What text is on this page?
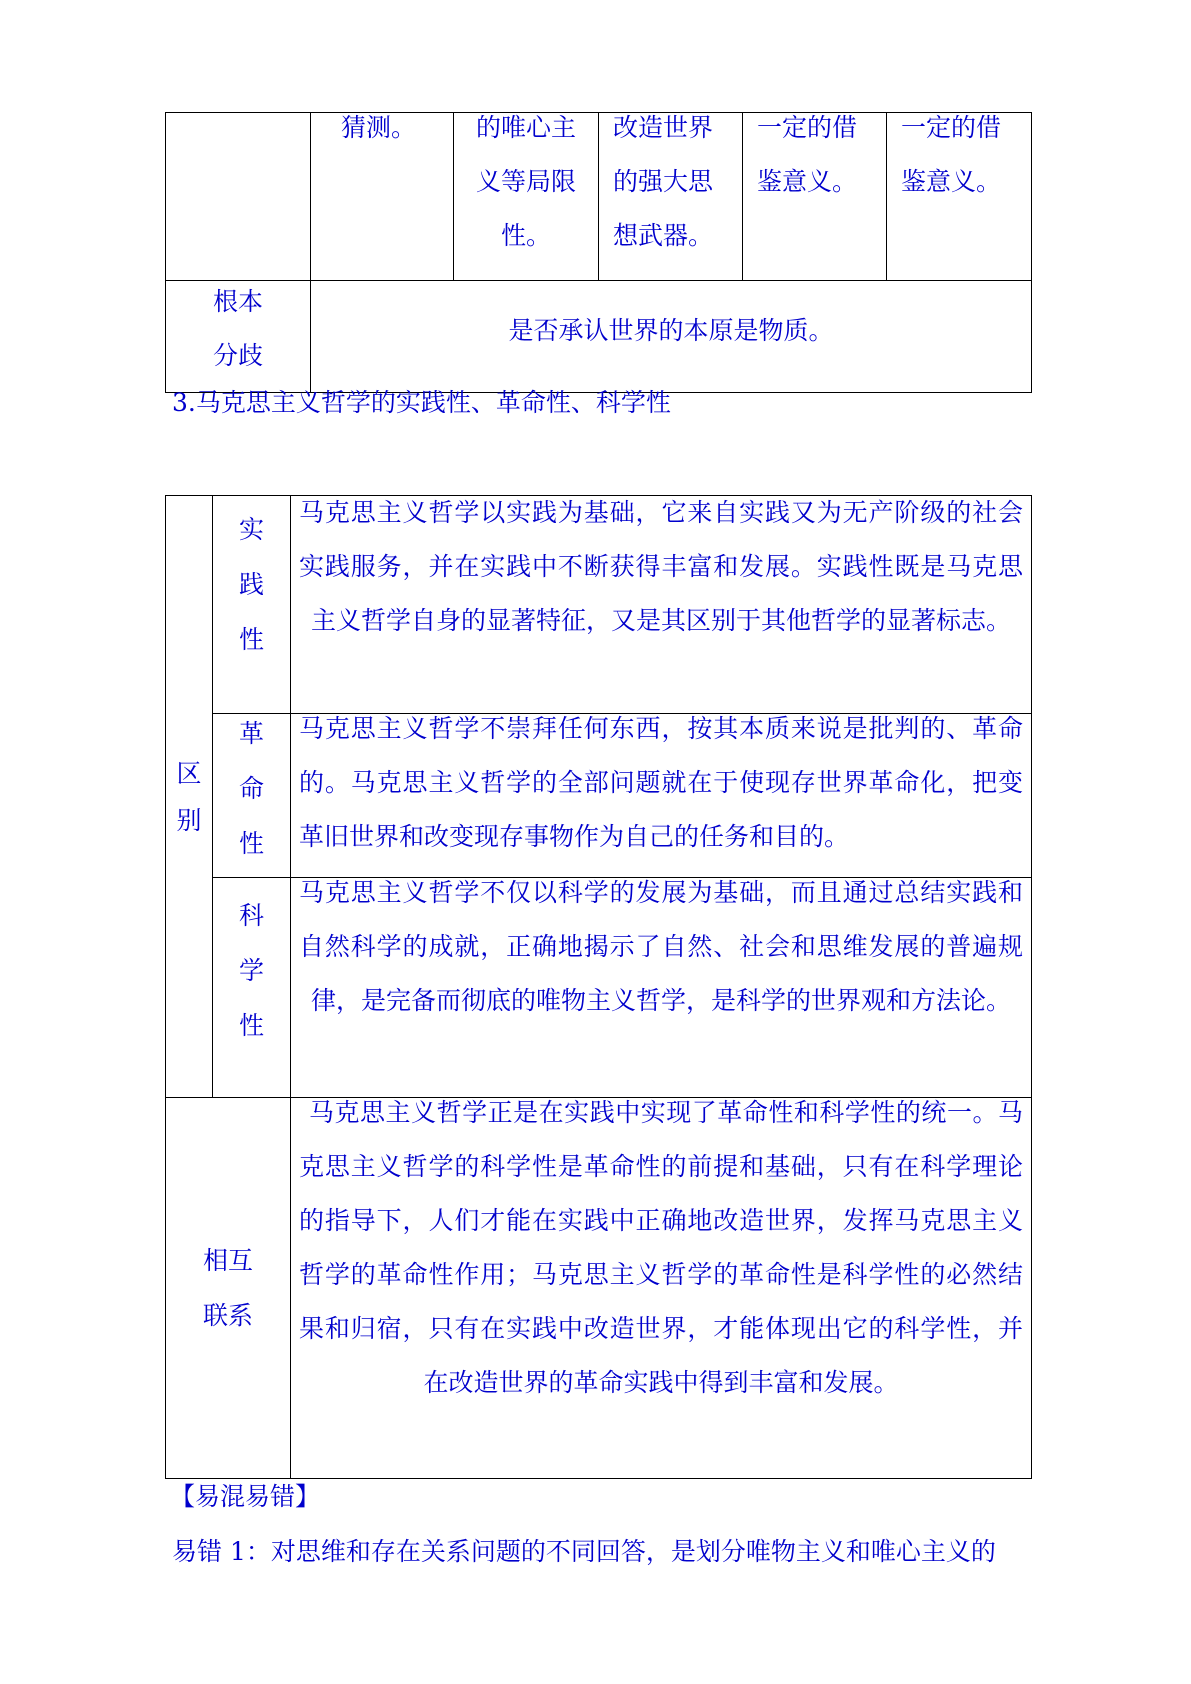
	猜测。	的唯心主义等局限性。	改造世界的强大思想武器。	一定的借鉴意义。	一定的借鉴意义。

根本分歧	是否承认世界的本原是物质。				
3.马克思主义哲学的实践性、革命性、科学性
区别	实践性	马克思主义哲学以实践为基础，它来自实践又为无产阶级的社会实践服务，并在实践中不断获得丰富和发展。实践性既是马克思主义哲学自身的显著特征，又是其区别于其他哲学的显著标志。

	革命性	马克思主义哲学不崇拜任何东西，按其本质来说是批判的、革命的。马克思主义哲学的全部问题就在于使现存世界革命化，把变革旧世界和改变现存事物作为自己的任务和目的。

	科学性	马克思主义哲学不仅以科学的发展为基础，而且通过总结实践和自然科学的成就，正确地揭示了自然、社会和思维发展的普遍规律，是完备而彻底的唯物主义哲学，是科学的世界观和方法论。

相互联系		马克思主义哲学正是在实践中实现了革命性和科学性的统一。马克思主义哲学的科学性是革命性的前提和基础，只有在科学理论的指导下，人们才能在实践中正确地改造世界，发挥马克思主义哲学的革命性作用；马克思主义哲学的革命性是科学性的必然结果和归宿，只有在实践中改造世界，才能体现出它的科学性，并在改造世界的革命实践中得到丰富和发展。
【易混易错】
易错 1：对思维和存在关系问题的不同回答，是划分唯物主义和唯心主义的
